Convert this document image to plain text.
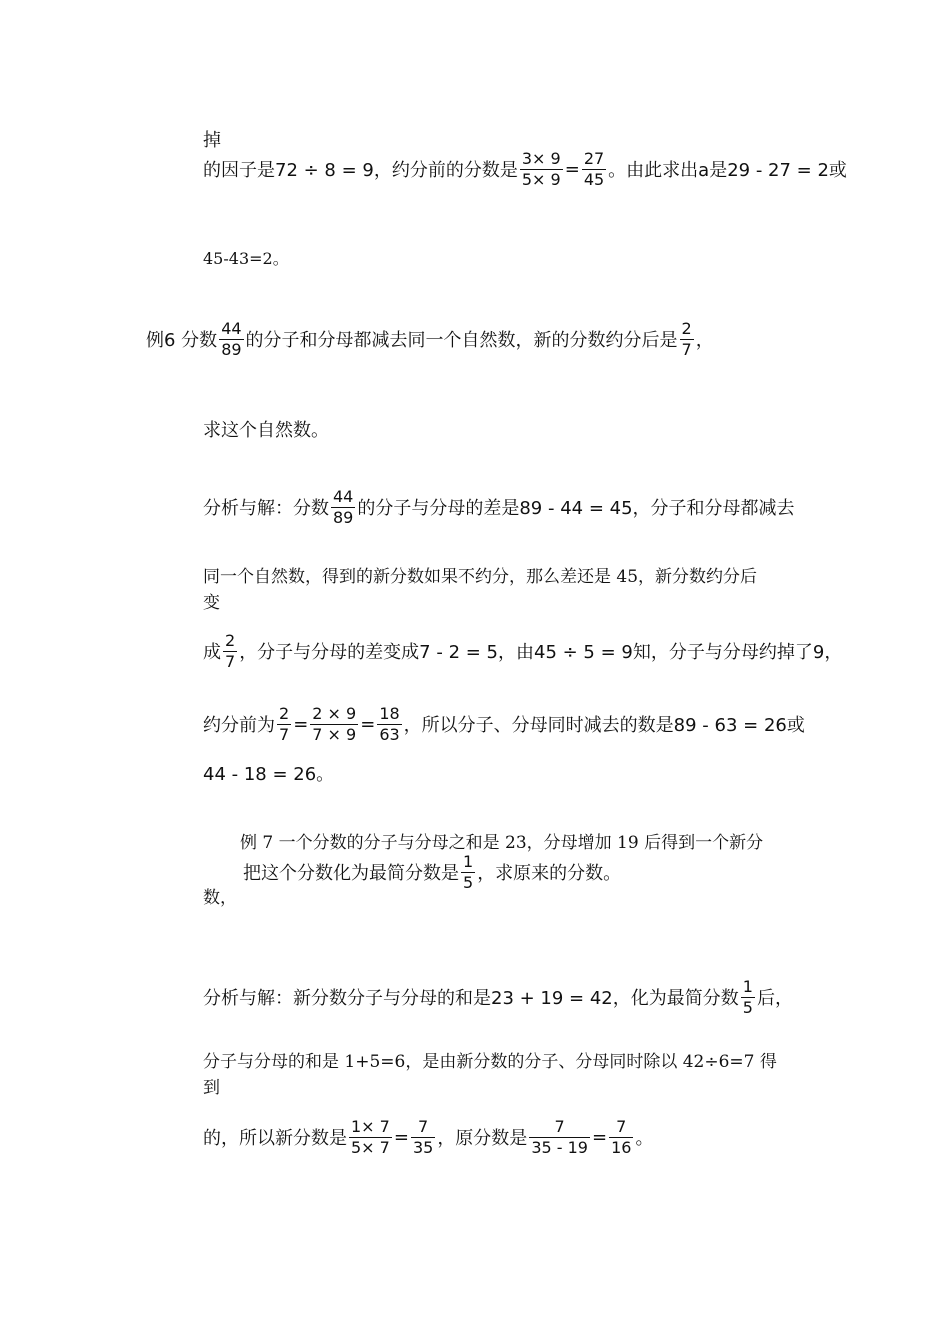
掉
的因子是72 ÷ 8 = 9，约分前的分数是 $\frac{3\times 9}{5\times 9} = \frac{27}{45}$ 。由此求出a是29 - 27 = 2或
45-43=2。
例6 分数 $\frac{44}{89}$ 的分子和分母都减去同一个自然数，新的分数约分后是 $\frac{2}{7}$ ，
求这个自然数。
分析与解：分数 $\frac{44}{89}$ 的分子与分母的差是89 - 44 = 45，分子和分母都减去
同一个自然数，得到的新分数如果不约分，那么差还是 45，新分数约分后
变
成 $\frac{2}{7}$ ，分子与分母的差变成7 - 2 = 5，由45 ÷ 5 = 9知，分子与分母约掉了9，
约分前为 $\frac{2}{7} = \frac{2 \times 9}{7 \times 9} = \frac{18}{63}$ ，所以分子、分母同时减去的数是89 - 63 = 26或
44 - 18 = 26。
例 7 一个分数的分子与分母之和是 23，分母增加 19 后得到一个新分
把这个分数化为最简分数是 $\frac{1}{5}$ ，求原来的分数。
数，
分析与解：新分数分子与分母的和是23 + 19 = 42，化为最简分数 $\frac{1}{5}$ 后，
分子与分母的和是 1+5=6，是由新分数的分子、分母同时除以 42÷6=7 得
到
的，所以新分数是 $\frac{1\times 7}{5\times 7} = \frac{7}{35}$ ，原分数是 $\frac{7}{35 - 19} = \frac{7}{16}$ 。
